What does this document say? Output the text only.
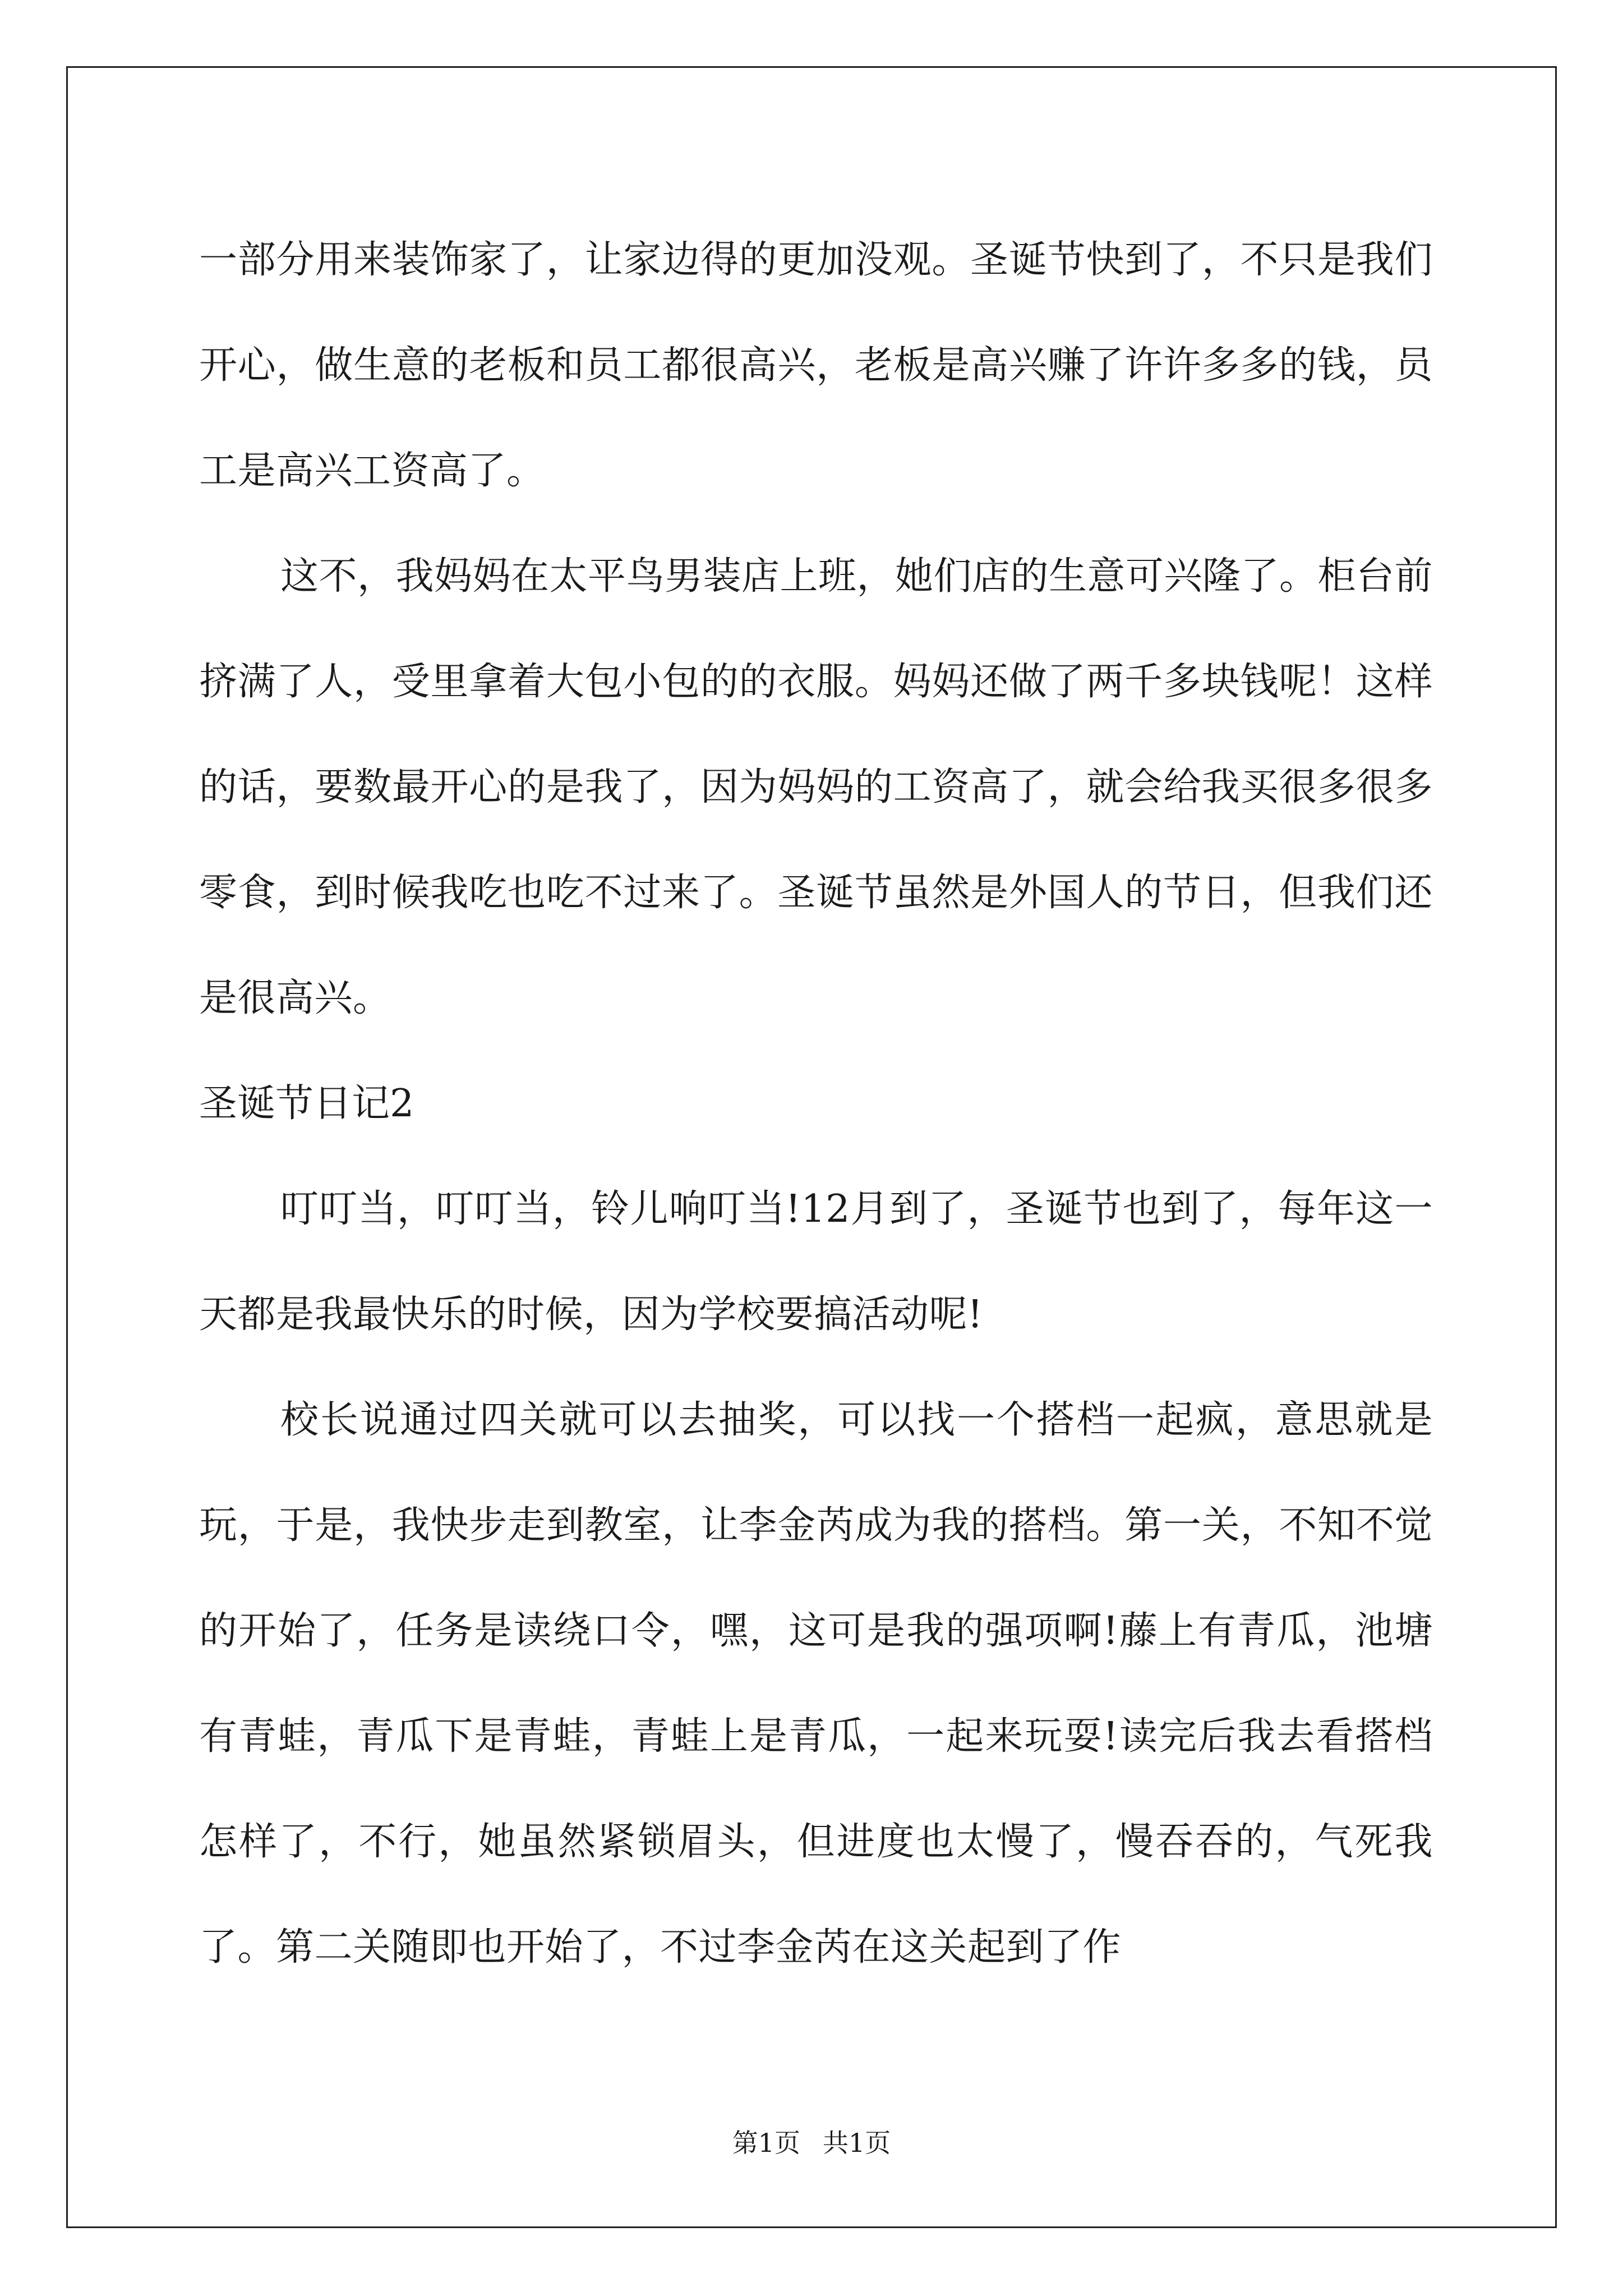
一部分用来装饰家了，让家边得的更加没观。圣诞节快到了，不只是我们开心，做生意的老板和员工都很高兴，老板是高兴赚了许许多多的钱，员工是高兴工资高了。

这不，我妈妈在太平鸟男装店上班，她们店的生意可兴隆了。柜台前挤满了人，受里拿着大包小包的的衣服。妈妈还做了两千多块钱呢！这样的话，要数最开心的是我了，因为妈妈的工资高了，就会给我买很多很多零食，到时候我吃也吃不过来了。圣诞节虽然是外国人的节日，但我们还是很高兴。

圣诞节日记2

叮叮当，叮叮当，铃儿响叮当!12月到了，圣诞节也到了，每年这一天都是我最快乐的时候，因为学校要搞活动呢!

校长说通过四关就可以去抽奖，可以找一个搭档一起疯，意思就是玩，于是，我快步走到教室，让李金芮成为我的搭档。第一关，不知不觉的开始了，任务是读绕口令，嘿，这可是我的强项啊!藤上有青瓜，池塘有青蛙，青瓜下是青蛙，青蛙上是青瓜，一起来玩耍!读完后我去看搭档怎样了，不行，她虽然紧锁眉头，但进度也太慢了，慢吞吞的，气死我了。第二关随即也开始了，不过李金芮在这关起到了作

第1页 共1页
